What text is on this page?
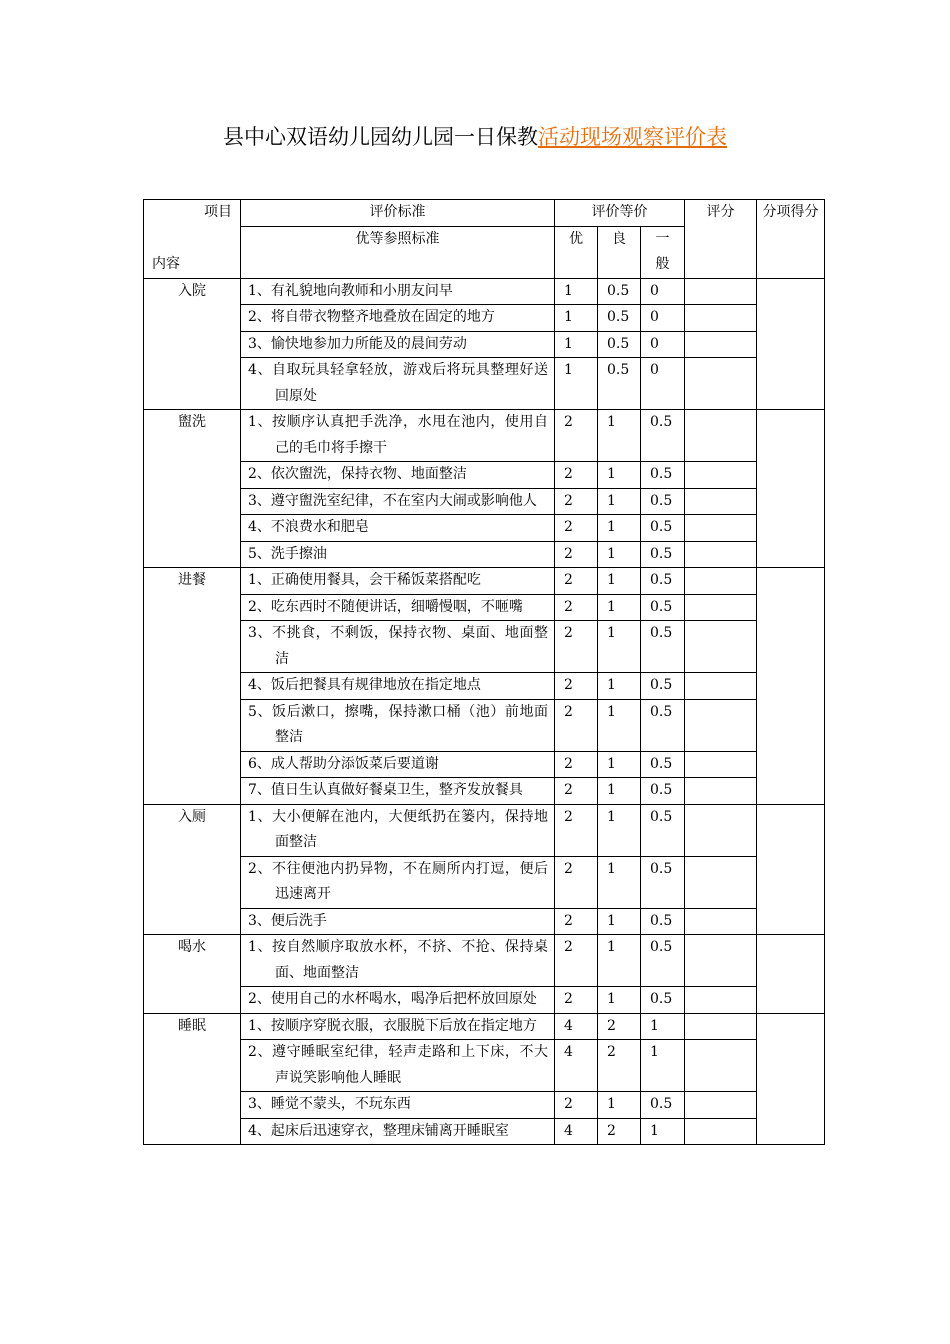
县中心双语幼儿园幼儿园一日保教活动现场观察评价表
项目
内容	评价标准	评价等价			评分	分项得分
	优等参照标准	优	良	一般		
入院	1、有礼貌地向教师和小朋友问早	1	0.5	0		

	2、将自带衣物整齐地叠放在固定的地方	1	0.5	0		

	3、愉快地参加力所能及的晨间劳动	1	0.5	0		

	4、自取玩具轻拿轻放，游戏后将玩具整理好送回原处	1	0.5	0		
盥洗	1、按顺序认真把手洗净，水甩在池内，使用自己的毛巾将手擦干	2	1	0.5		

	2、依次盥洗，保持衣物、地面整洁	2	1	0.5		

	3、遵守盥洗室纪律，不在室内大闹或影响他人	2	1	0.5		

	4、不浪费水和肥皂	2	1	0.5		

	5、洗手擦油	2	1	0.5		
进餐	1、正确使用餐具，会干稀饭菜搭配吃	2	1	0.5		

	2、吃东西时不随便讲话，细嚼慢咽，不咂嘴	2	1	0.5		

	3、不挑食，不剩饭，保持衣物、桌面、地面整洁	2	1	0.5		

	4、饭后把餐具有规律地放在指定地点	2	1	0.5		

	5、饭后漱口，擦嘴，保持漱口桶（池）前地面整洁	2	1	0.5		

	6、成人帮助分添饭菜后要道谢	2	1	0.5		

	7、值日生认真做好餐桌卫生，整齐发放餐具	2	1	0.5		
入厕	1、大小便解在池内，大便纸扔在篓内，保持地面整洁	2	1	0.5		

	2、不往便池内扔异物，不在厕所内打逗，便后迅速离开	2	1	0.5		

	3、便后洗手	2	1	0.5		
喝水	1、按自然顺序取放水杯，不挤、不抢、保持桌面、地面整洁	2	1	0.5		

	2、使用自己的水杯喝水，喝净后把杯放回原处	2	1	0.5		
睡眠	1、按顺序穿脱衣服，衣服脱下后放在指定地方	4	2	1		

	2、遵守睡眠室纪律，轻声走路和上下床，不大声说笑影响他人睡眠	4	2	1		

	3、睡觉不蒙头，不玩东西	2	1	0.5		

	4、起床后迅速穿衣，整理床铺离开睡眠室	4	2	1		
